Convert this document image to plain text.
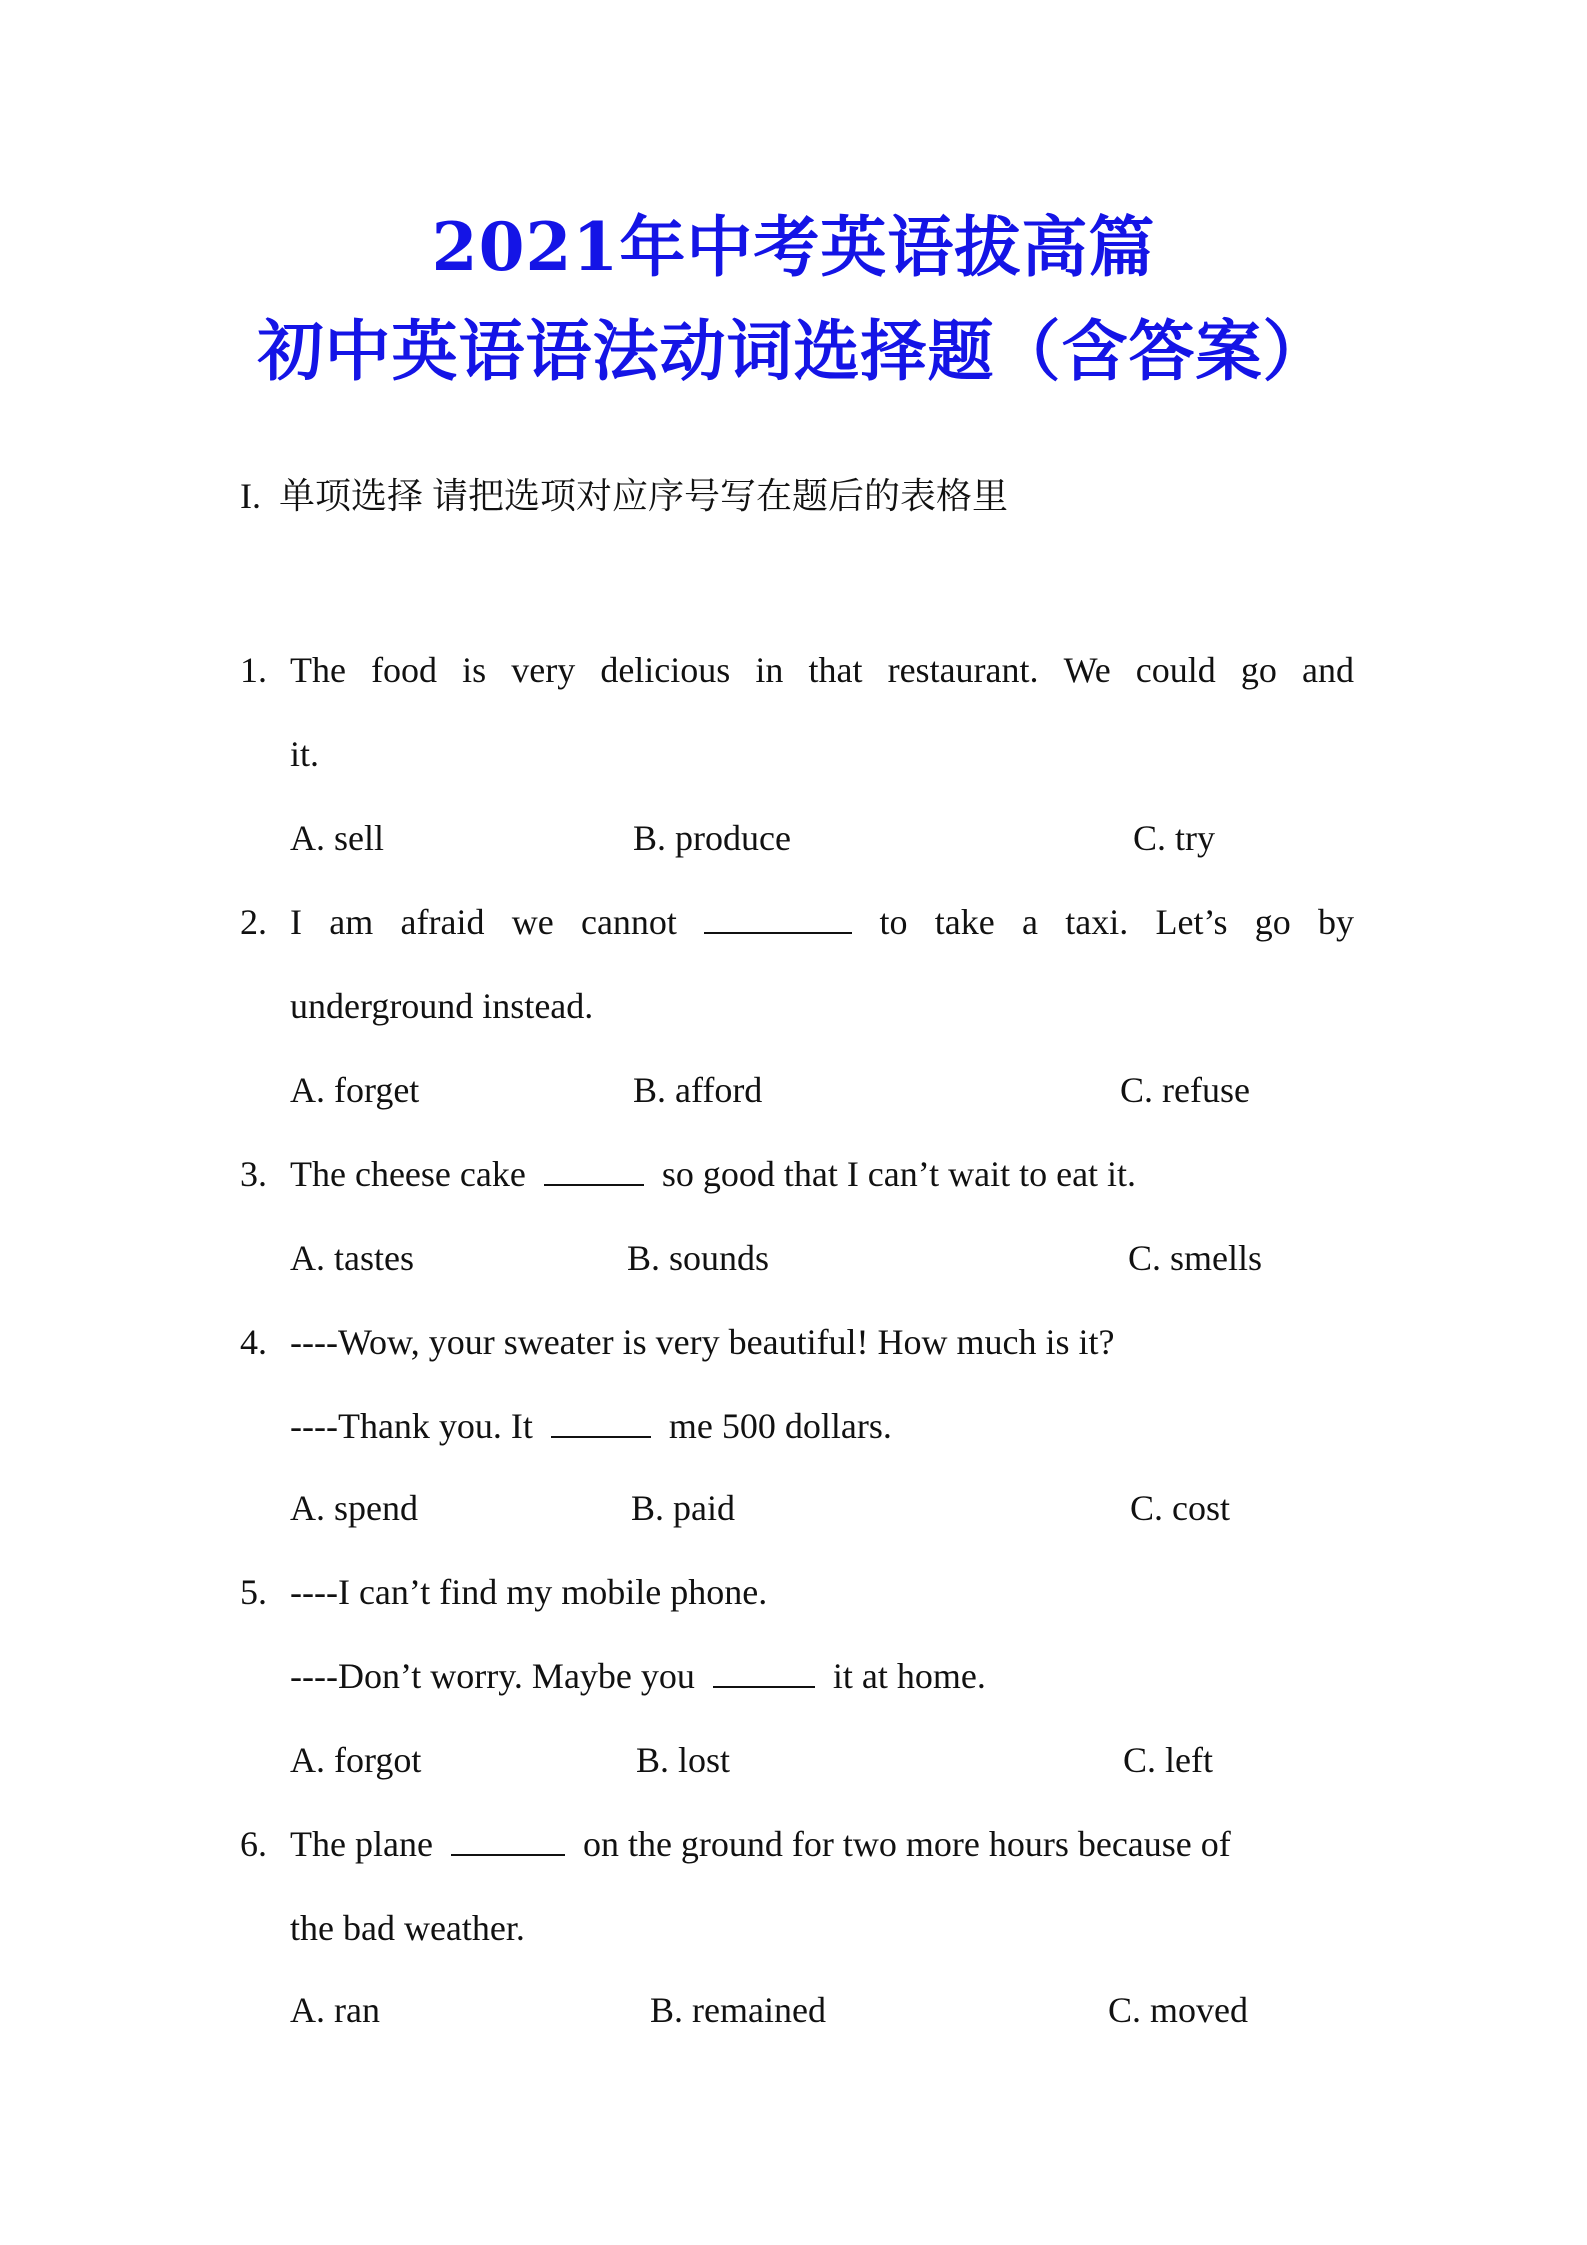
2021年中考英语拔高篇
初中英语语法动词选择题（含答案）
I. 单项选择 请把选项对应序号写在题后的表格里
1. The food is very delicious in that restaurant. We could go and
it.
A. sell	B. produce	C. try
2. I am afraid we cannot	to take a taxi. Let’s go by
underground instead.
A. forget	B. afford	C. refuse
3. The cheese cake	so good that I can’t wait to eat it.
A. tastes	B. sounds	C. smells
4. ----Wow, your sweater is very beautiful! How much is it?
----Thank you. It	me 500 dollars.
A. spend	B. paid	C. cost
5. ----I can’t find my mobile phone.
----Don’t worry. Maybe you	it at home.
A. forgot	B. lost	C. left
6. The plane	on the ground for two more hours because of
the bad weather.
A. ran	B. remained	C. moved
